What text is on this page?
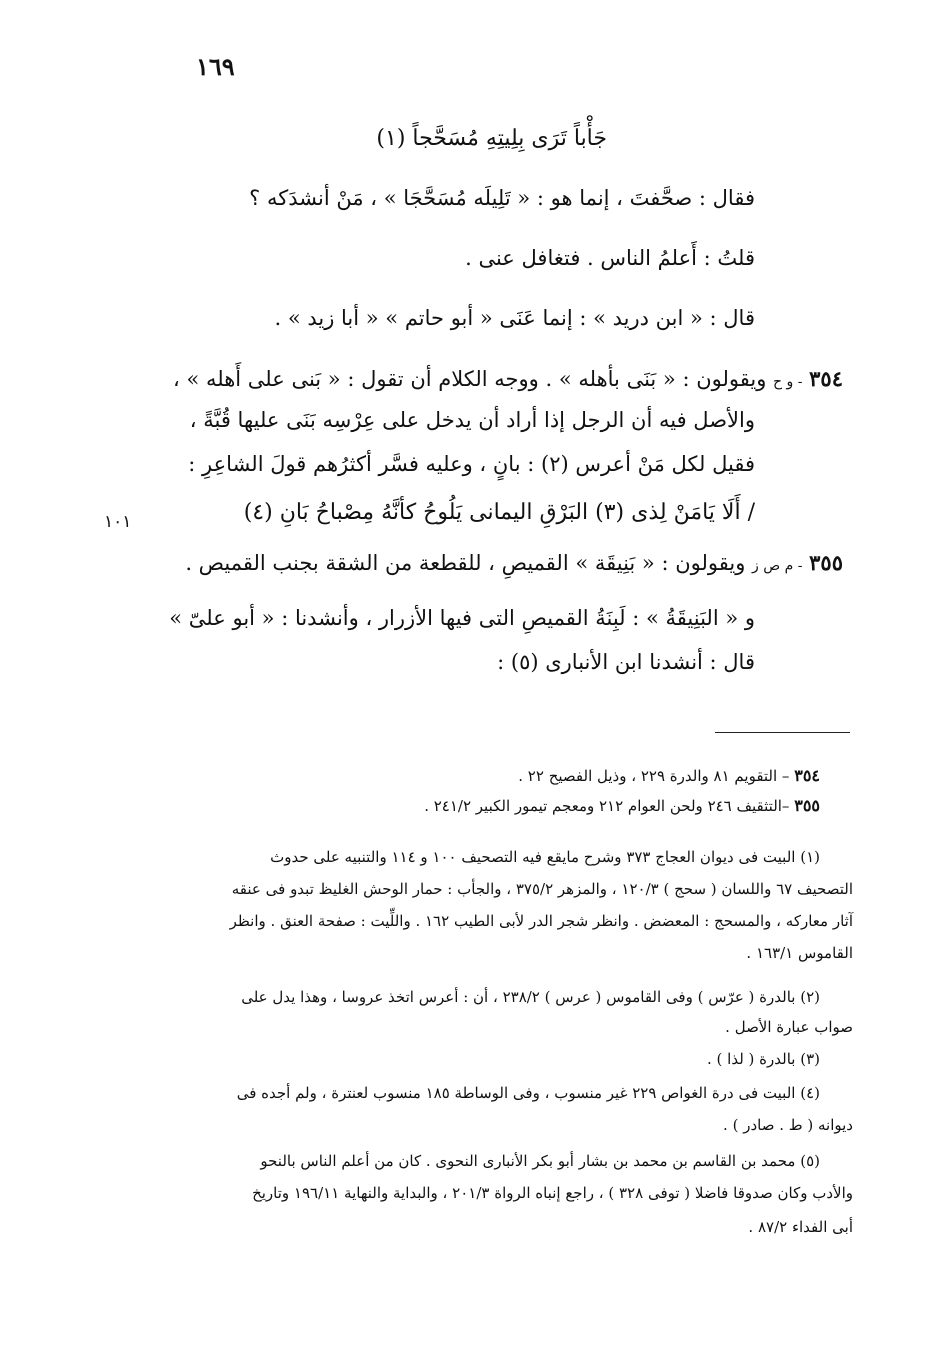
١٦٩
جَأْباً تَرَى بِلِيتِهِ مُسَحَّجاً (١)
فقال : صحَّفتَ ، إنما هو : « تَلِيلَه مُسَحَّجَا » ، مَنْ أنشدَكه ؟
قلتُ : أَعلمُ الناس . فتغافل عنى .
قال : « ابن دريد » : إنما عَنَى « أبو حاتم » « أبا زيد » .
٣٥٤ - و ح ويقولون : « بَنَى بأهله » . ووجه الكلام أن تقول : « بَنى على أَهله » ،
والأصل فيه أن الرجل إذا أراد أن يدخل على عِرْسِه بَنَى عليها قُبَّةً ،
فقيل لكل مَنْ أعرس (٢) : بانٍ ، وعليه فسَّر أكثرُهم قولَ الشاعِرِ :
/ أَلَا يَامَنْ لِذى (٣) البَرْقِ اليمانى يَلُوحُ كأنَّهُ مِصْباحُ بَانِ (٤)
١٠١
٣٥٥ - م ص ز ويقولون : « بَنِيقَة » القميصِ ، للقطعة من الشقة بجنب القميص .
و « البَنِيقَةُ » : لَبِنَةُ القميصِ التى فيها الأزرار ، وأنشدنا : « أبو علىّ »
قال : أنشدنا ابن الأنبارى (٥) :
٣٥٤ – التقويم ٨١ والدرة ٢٢٩ ، وذيل الفصيح ٢٢ .
٣٥٥ –التثقيف ٢٤٦ ولحن العوام ٢١٢ ومعجم تيمور الكبير ٢٤١/٢ .
(١) البيت فى ديوان العجاج ٣٧٣ وشرح مايقع فيه التصحيف ١٠٠ و ١١٤ والتنبيه على حدوث
التصحيف ٦٧ واللسان ( سحج ) ١٢٠/٣ ، والمزهر ٣٧٥/٢ ، والجأب : حمار الوحش الغليظ تبدو فى عنقه
آثار معاركه ، والمسحج : المعضض . وانظر شجر الدر لأبى الطيب ١٦٢ . واللِّيت : صفحة العنق . وانظر
القاموس ١٦٣/١ .
(٢) بالدرة ( عرّس ) وفى القاموس ( عرس ) ٢٣٨/٢ ، أن : أعرس اتخذ عروسا ، وهذا يدل على
صواب عبارة الأصل .
(٣) بالدرة ( لذا ) .
(٤) البيت فى درة الغواص ٢٢٩ غير منسوب ، وفى الوساطة ١٨٥ منسوب لعنترة ، ولم أجده فى
ديوانه ( ط . صادر ) .
(٥) محمد بن القاسم بن محمد بن بشار أبو بكر الأنبارى النحوى . كان من أعلم الناس بالنحو
والأدب وكان صدوقا فاضلا ( توفى ٣٢٨ ) ، راجع إنباه الرواة ٢٠١/٣ ، والبداية والنهاية ١٩٦/١١ وتاريخ
أبى الفداء ٨٧/٢ .
